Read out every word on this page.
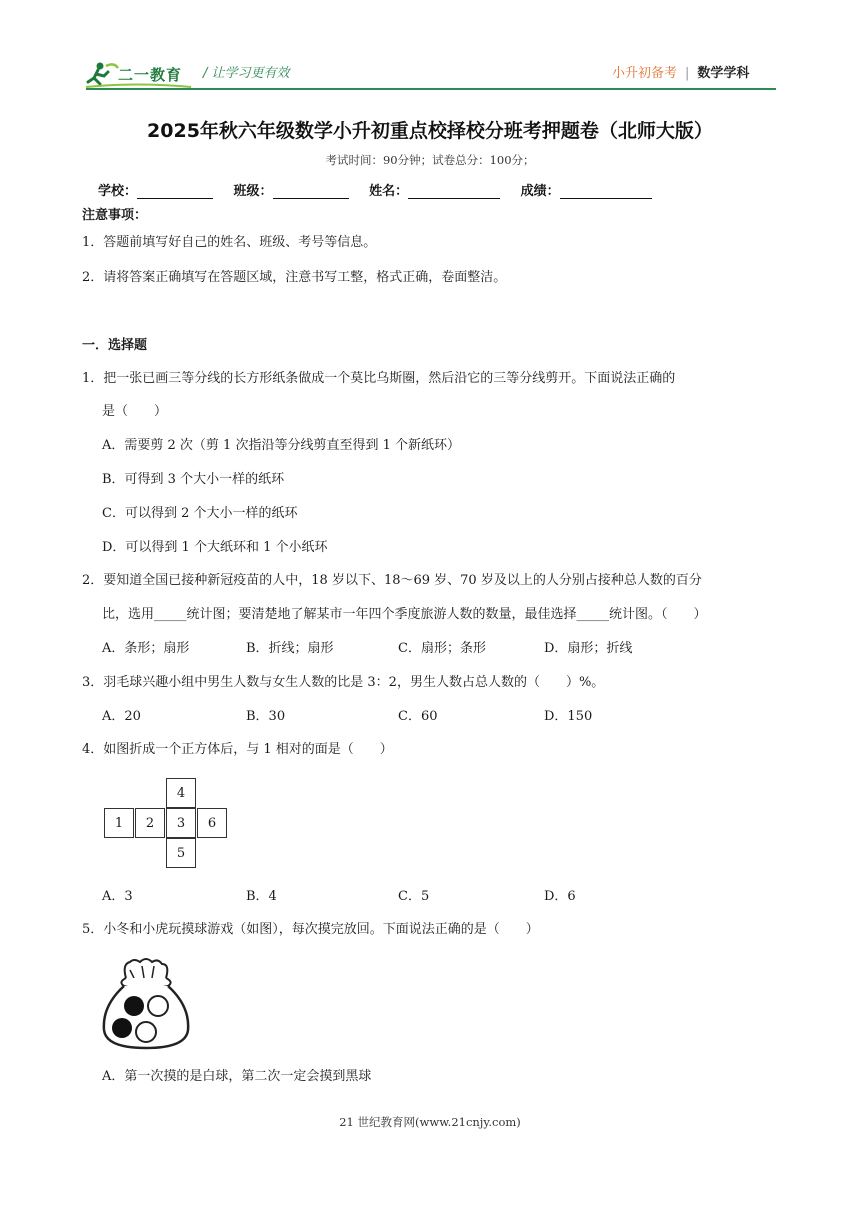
二一教育 / 让学习更有效	小升初备考 | 数学学科
2025年秋六年级数学小升初重点校择校分班考押题卷（北师大版）
考试时间：90分钟；试卷总分：100分；
学校：	班级：	姓名：	成绩：
注意事项：
1．答题前填写好自己的姓名、班级、考号等信息。
2．请将答案正确填写在答题区域，注意书写工整，格式正确，卷面整洁。
一．选择题
1．把一张已画三等分线的长方形纸条做成一个莫比乌斯圈，然后沿它的三等分线剪开。下面说法正确的
是（　　）
A．需要剪 2 次（剪 1 次指沿等分线剪直至得到 1 个新纸环）
B．可得到 3 个大小一样的纸环
C．可以得到 2 个大小一样的纸环
D．可以得到 1 个大纸环和 1 个小纸环
2．要知道全国已接种新冠疫苗的人中，18 岁以下、18～69 岁、70 岁及以上的人分别占接种总人数的百分
比，选用_____统计图；要清楚地了解某市一年四个季度旅游人数的数量，最佳选择_____统计图。（　　）
A．条形；扇形	B．折线；扇形	C．扇形；条形	D．扇形；折线
3．羽毛球兴趣小组中男生人数与女生人数的比是 3：2，男生人数占总人数的（　　）%。
A．20	B．30	C．60	D．150
4．如图折成一个正方体后，与 1 相对的面是（　　）
4
1	2	3	6
5
A．3	B．4	C．5	D．6
5．小冬和小虎玩摸球游戏（如图），每次摸完放回。下面说法正确的是（　　）
A．第一次摸的是白球，第二次一定会摸到黑球
21 世纪教育网(www.21cnjy.com)
